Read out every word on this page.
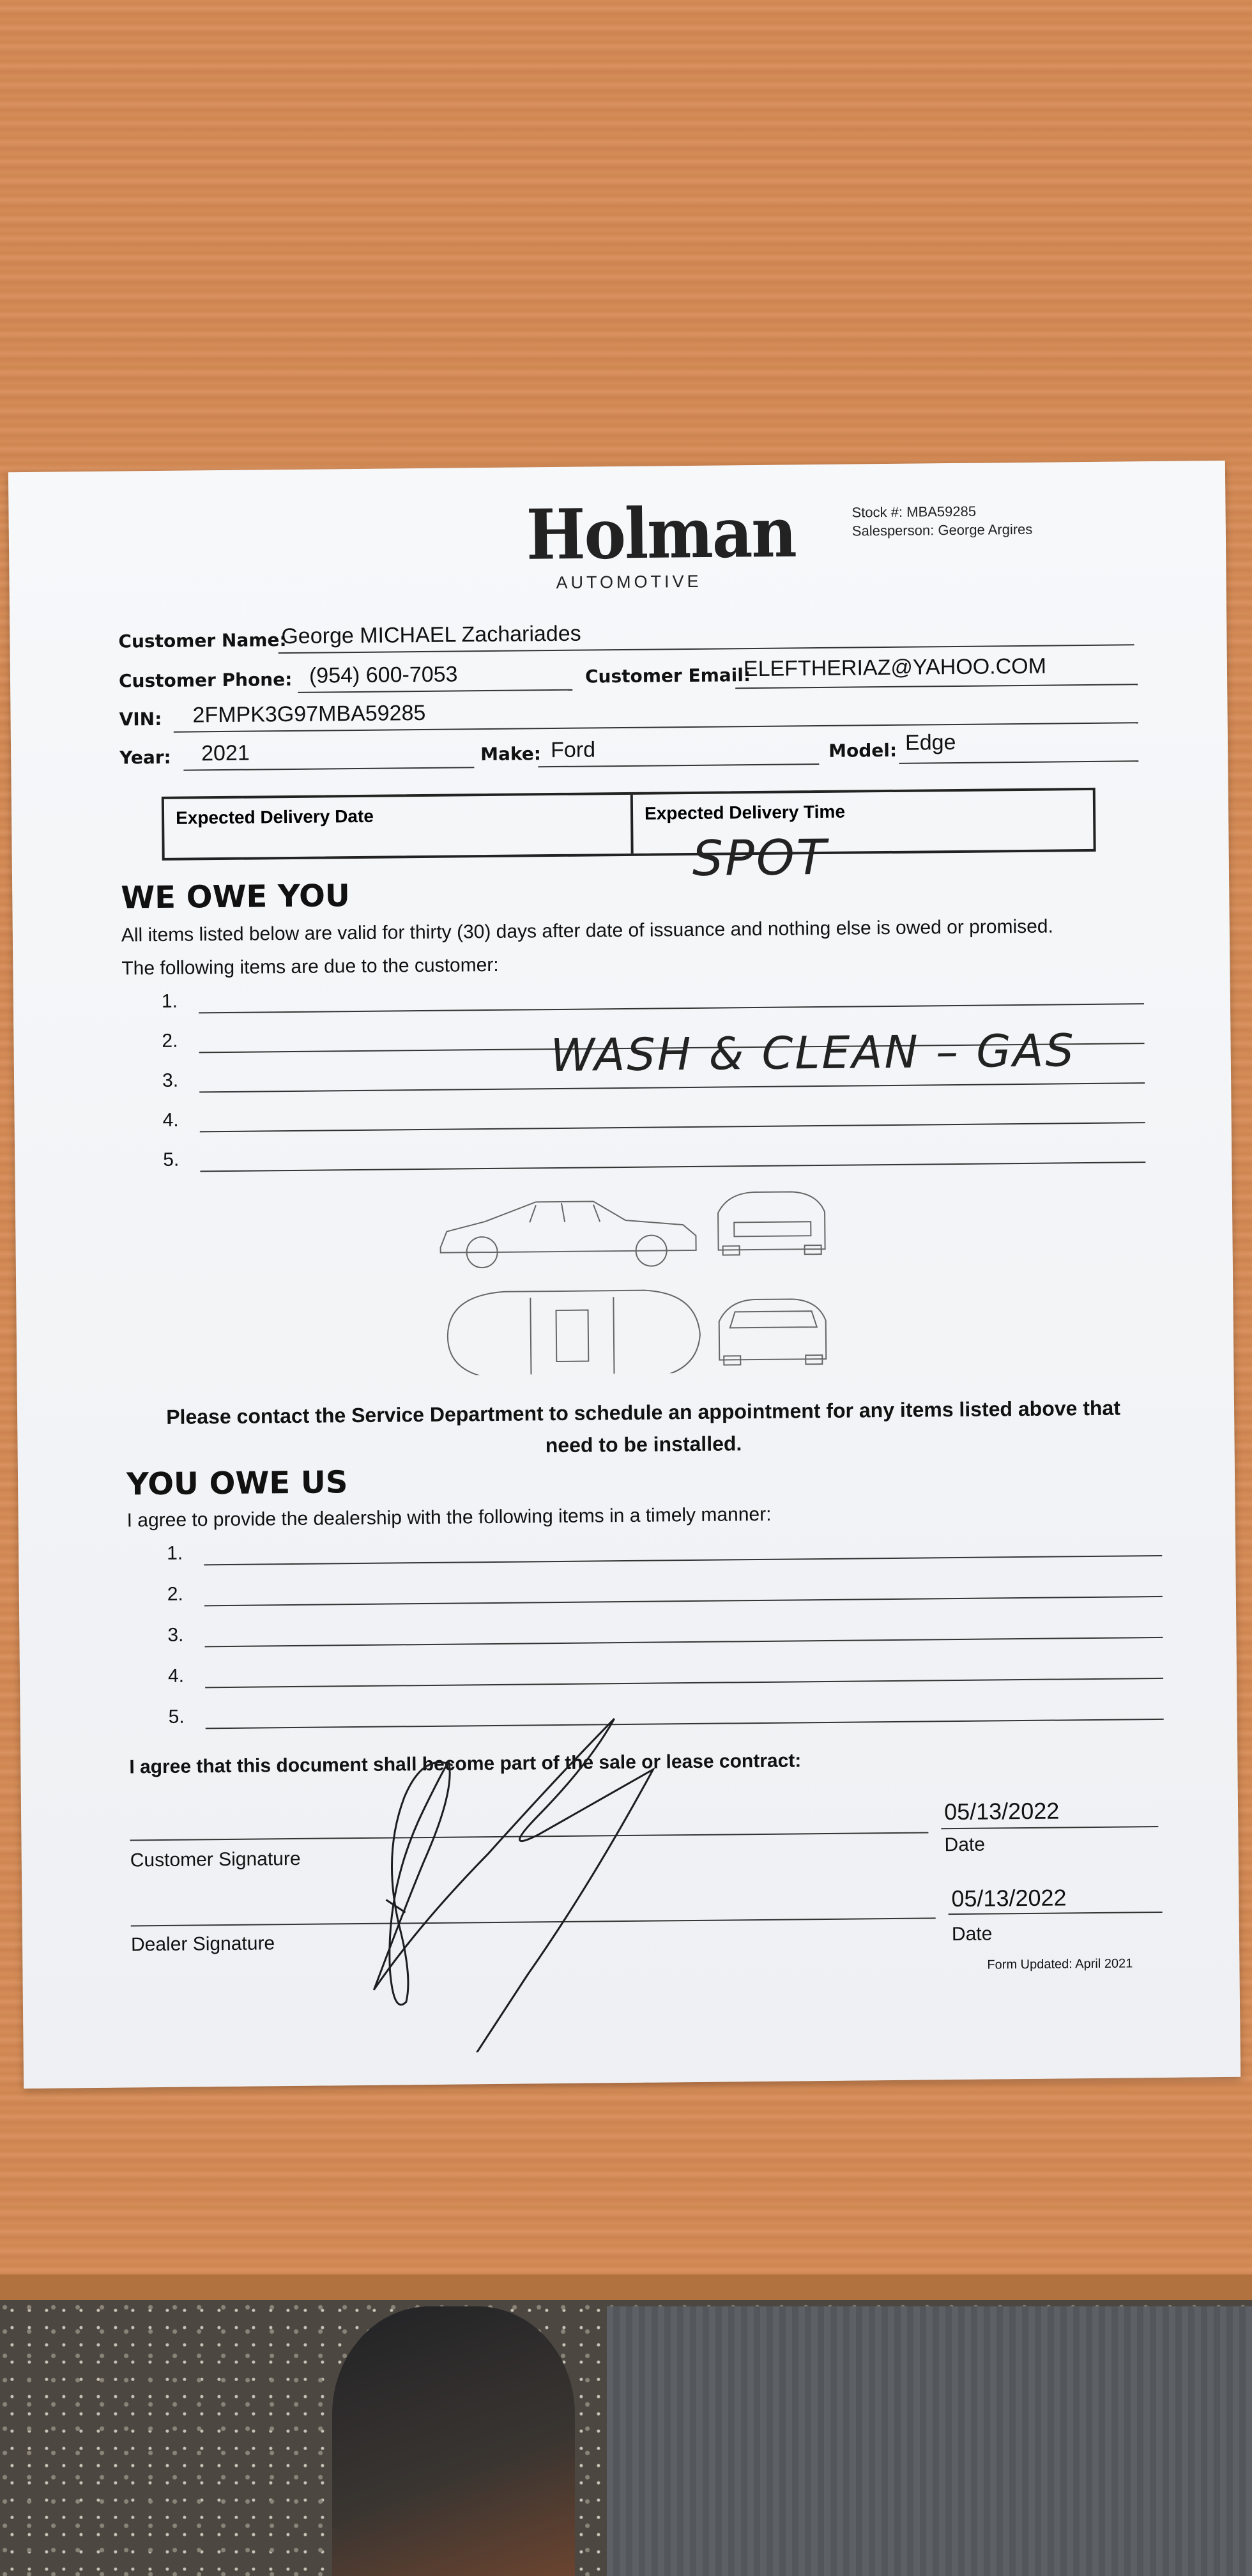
Holman
AUTOMOTIVE
Stock #: MBA59285
Salesperson: George Argires
Customer Name:
George MICHAEL Zachariades
Customer Phone: (954) 600-7053	Customer Email:
ELEFTHERIAZ@YAHOO.COM
VIN: 2FMPK3G97MBA59285
Year: 2021	Make: Ford	Model: Edge
Expected Delivery Date	Expected Delivery Time
SPOT
WE OWE YOU
All items listed below are valid for thirty (30) days after date of issuance and nothing else is owed or promised.
The following items are due to the customer:
1.
2.
3.
4.
5.
WASH & CLEAN – GAS
Please contact the Service Department to schedule an appointment for any items listed above that
need to be installed.
YOU OWE US
I agree to provide the dealership with the following items in a timely manner:
1.
2.
3.
4.
5.
I agree that this document shall become part of the sale or lease contract:
Customer Signature
05/13/2022
Date
Dealer Signature
05/13/2022
Date
Form Updated: April 2021
